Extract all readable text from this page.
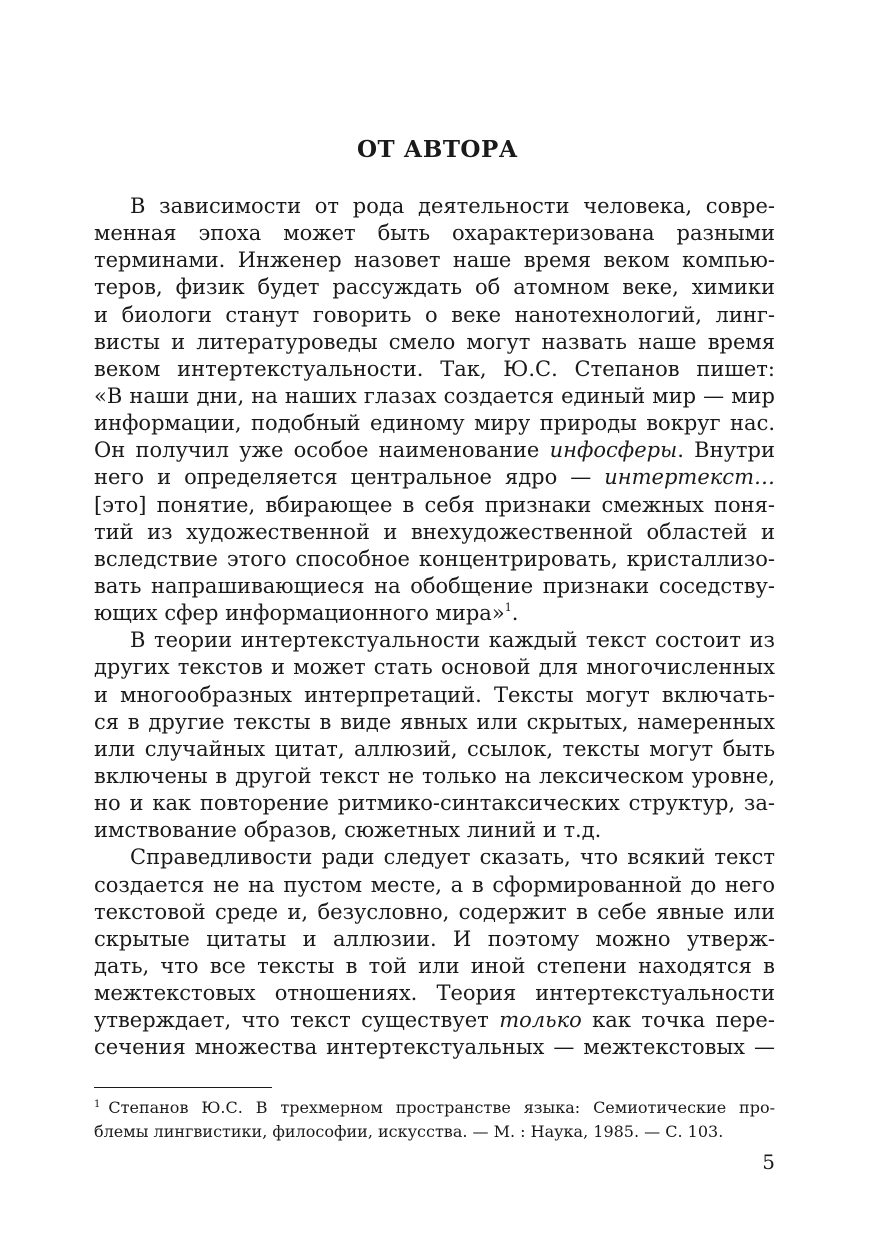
ОТ АВТОРА
В зависимости от рода деятельности человека, совре-
менная эпоха может быть охарактеризована разными
терминами. Инженер назовет наше время веком компью-
теров, физик будет рассуждать об атомном веке, химики
и биологи станут говорить о веке нанотехнологий, линг-
висты и литературоведы смело могут назвать наше время
веком интертекстуальности. Так, Ю.С. Степанов пишет:
«В наши дни, на наших глазах создается единый мир — мир
информации, подобный единому миру природы вокруг нас.
Он получил уже особое наименование инфосферы. Внутри
него и определяется центральное ядро — интертекст…
[это] понятие, вбирающее в себя признаки смежных поня-
тий из художественной и внехудожественной областей и
вследствие этого способное концентрировать, кристаллизо-
вать напрашивающиеся на обобщение признаки соседству-
ющих сфер информационного мира»$^1$.
В теории интертекстуальности каждый текст состоит из
других текстов и может стать основой для многочисленных
и многообразных интерпретаций. Тексты могут включать-
ся в другие тексты в виде явных или скрытых, намеренных
или случайных цитат, аллюзий, ссылок, тексты могут быть
включены в другой текст не только на лексическом уровне,
но и как повторение ритмико-синтаксических структур, за-
имствование образов, сюжетных линий и т.д.
Справедливости ради следует сказать, что всякий текст
создается не на пустом месте, а в сформированной до него
текстовой среде и, безусловно, содержит в себе явные или
скрытые цитаты и аллюзии. И поэтому можно утверж-
дать, что все тексты в той или иной степени находятся в
межтекстовых отношениях. Теория интертекстуальности
утверждает, что текст существует только как точка пере-
сечения множества интертекстуальных — межтекстовых —
$^1$ Степанов Ю.С. В трехмерном пространстве языка: Семиотические про-
блемы лингвистики, философии, искусства. — М. : Наука, 1985. — С. 103.
5
